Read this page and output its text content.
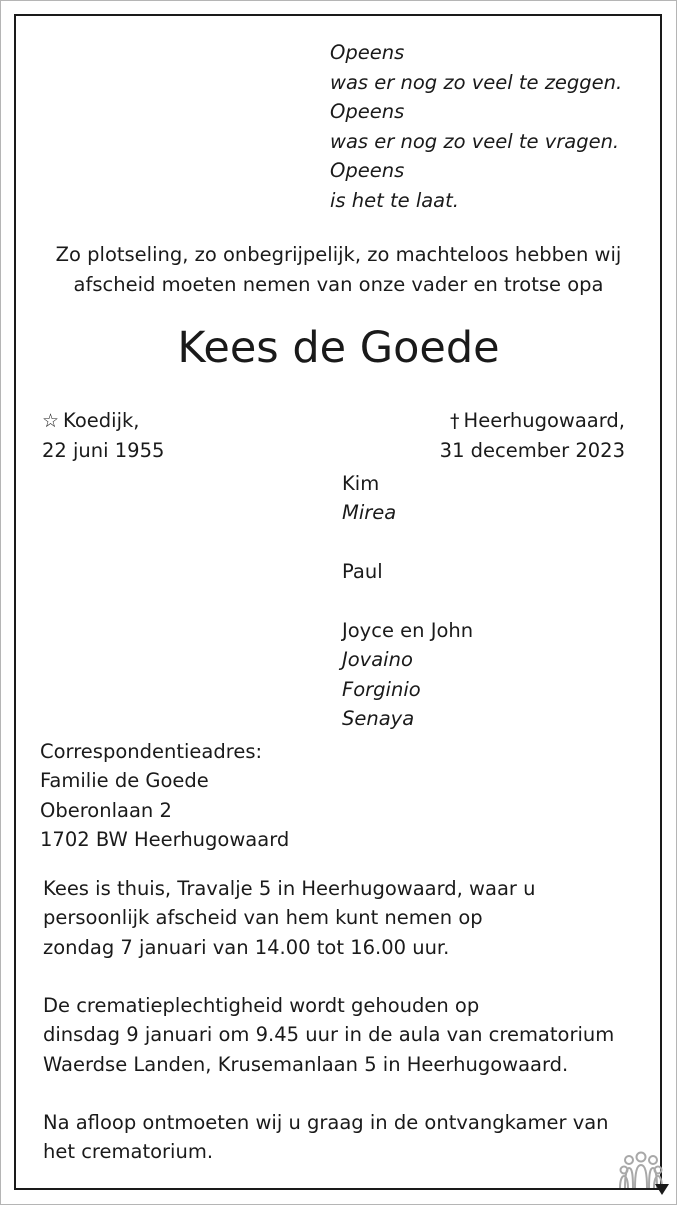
Opeens
was er nog zo veel te zeggen.
Opeens
was er nog zo veel te vragen.
Opeens
is het te laat.
Zo plotseling, zo onbegrijpelijk, zo machteloos hebben wij
afscheid moeten nemen van onze vader en trotse opa
Kees de Goede
☆ Koedijk,
22 juni 1955
† Heerhugowaard,
31 december 2023
Kim
Mirea
Paul
Joyce en John
Jovaino
Forginio
Senaya
Correspondentieadres:
Familie de Goede
Oberonlaan 2
1702 BW Heerhugowaard
Kees is thuis, Travalje 5 in Heerhugowaard, waar u
persoonlijk afscheid van hem kunt nemen op
zondag 7 januari van 14.00 tot 16.00 uur.
De crematieplechtigheid wordt gehouden op
dinsdag 9 januari om 9.45 uur in de aula van crematorium
Waerdse Landen, Krusemanlaan 5 in Heerhugowaard.
Na afloop ontmoeten wij u graag in de ontvangkamer van
het crematorium.
